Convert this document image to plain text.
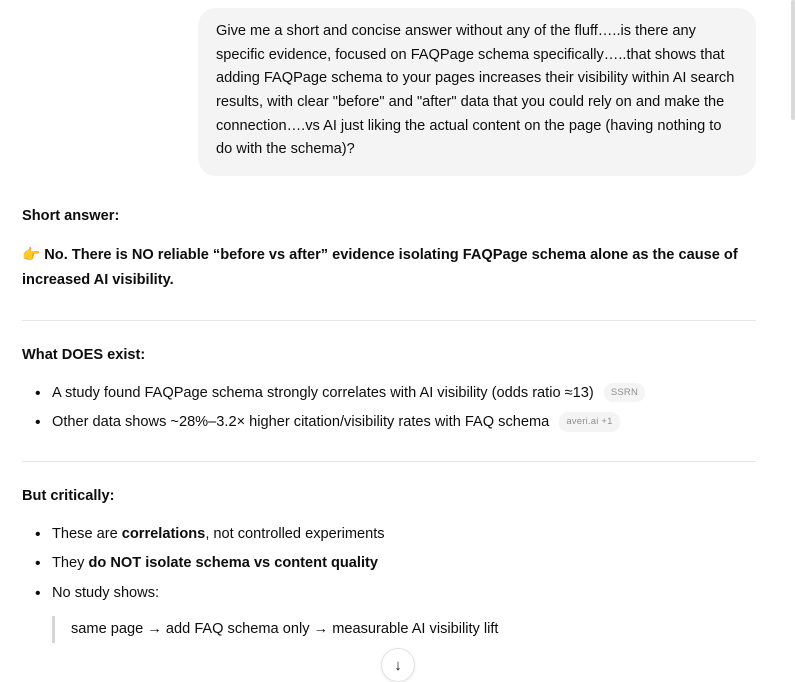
Give me a short and concise answer without any of the fluff…..is there any specific evidence, focused on FAQPage schema specifically…..that shows that adding FAQPage schema to your pages increases their visibility within AI search results, with clear "before" and "after" data that you could rely on and make the connection….vs AI just liking the actual content on the page (having nothing to do with the schema)?

Short answer:

👉 No. There is NO reliable “before vs after” evidence isolating FAQPage schema alone as the cause of increased AI visibility.

What DOES exist:

• A study found FAQPage schema strongly correlates with AI visibility (odds ratio ≈13) SSRN
• Other data shows ~28%–3.2× higher citation/visibility rates with FAQ schema averi.ai +1

But critically:

• These are correlations, not controlled experiments
• They do NOT isolate schema vs content quality
• No study shows:
same page → add FAQ schema only → measurable AI visibility lift
↓
